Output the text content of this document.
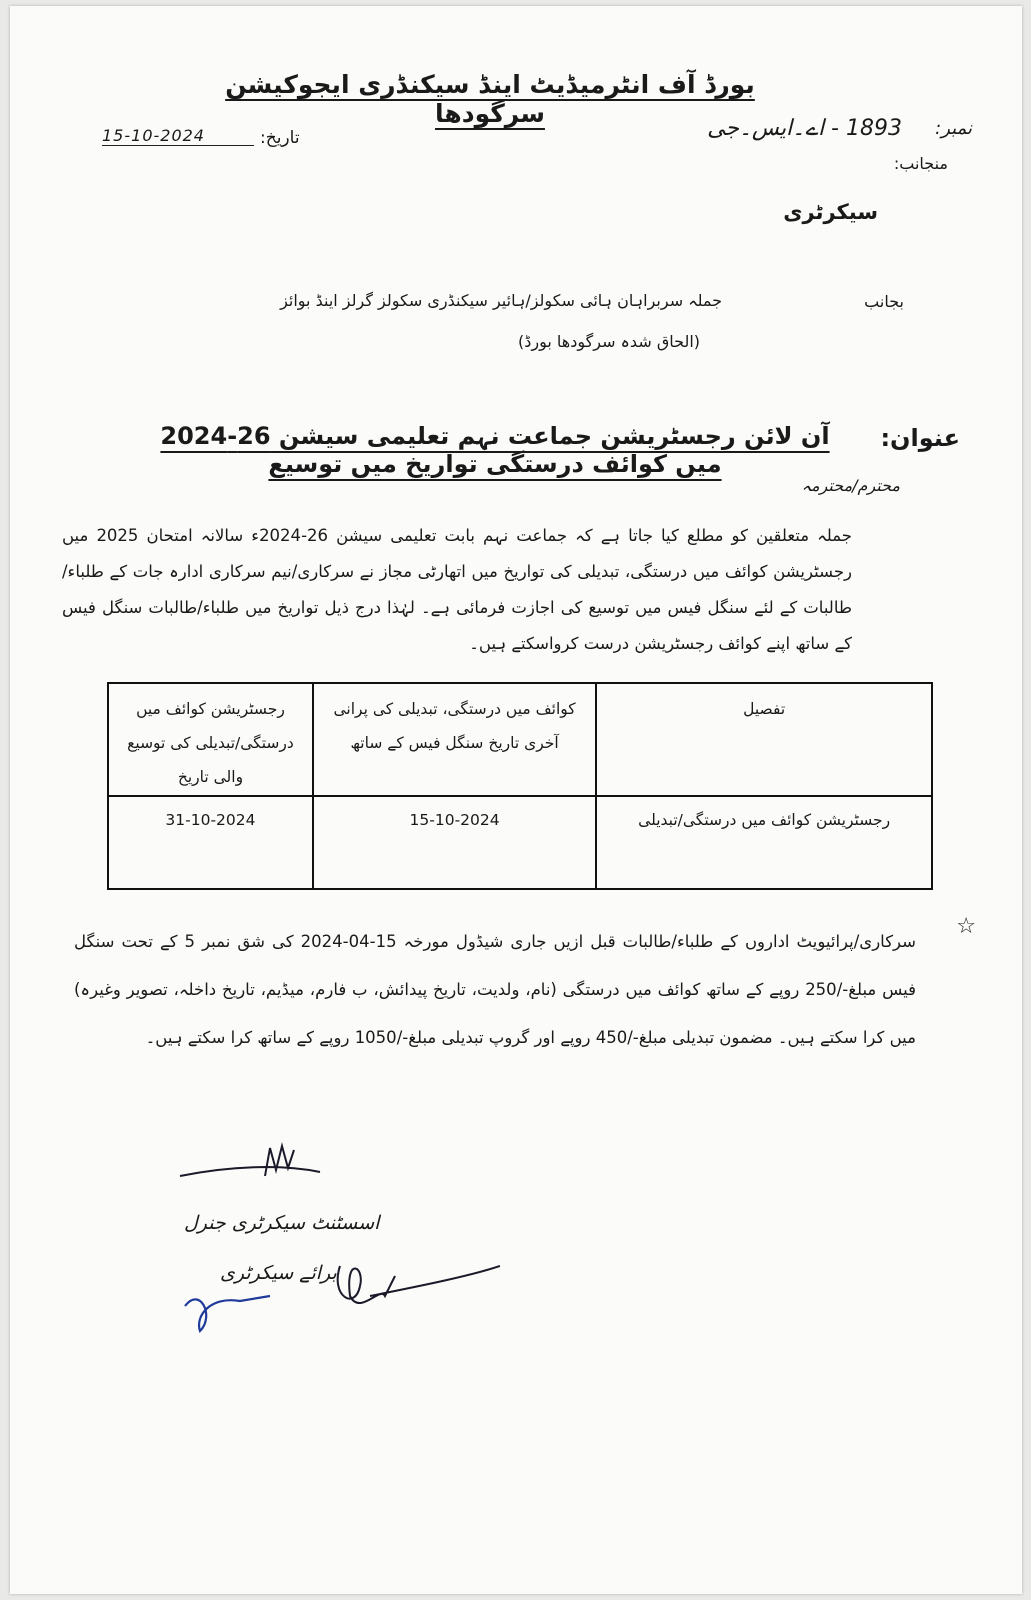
بورڈ آف انٹرمیڈیٹ اینڈ سیکنڈری ایجوکیشن سرگودھا
نمبر:
1893 - اے۔ایس۔جی
تاریخ:
15-10-2024
منجانب:
سیکرٹری
بجانب
جملہ سربراہان ہائی سکولز/ہائیر سیکنڈری سکولز گرلز اینڈ بوائز
(الحاق شدہ سرگودھا بورڈ)
عنوان:
آن لائن رجسٹریشن جماعت نہم تعلیمی سیشن 26-2024 میں کوائف درستگی تواریخ میں توسیع
محترم/محترمہ
جملہ متعلقین کو مطلع کیا جاتا ہے کہ جماعت نہم بابت تعلیمی سیشن 26-2024ء سالانہ امتحان 2025 میں رجسٹریشن کوائف میں درستگی، تبدیلی کی تواریخ میں اتھارٹی مجاز نے سرکاری/نیم سرکاری ادارہ جات کے طلباء/طالبات کے لئے سنگل فیس میں توسیع کی اجازت فرمائی ہے۔ لہٰذا درج ذیل تواریخ میں طلباء/طالبات سنگل فیس کے ساتھ اپنے کوائف رجسٹریشن درست کرواسکتے ہیں۔
تفصیل	کوائف میں درستگی، تبدیلی کی پرانی آخری تاریخ سنگل فیس کے ساتھ	رجسٹریشن کوائف میں درستگی/تبدیلی کی توسیع والی تاریخ
رجسٹریشن کوائف میں درستگی/تبدیلی	15-10-2024	31-10-2024
☆
سرکاری/پرائیویٹ اداروں کے طلباء/طالبات قبل ازیں جاری شیڈول مورخہ 15-04-2024 کی شق نمبر 5 کے تحت سنگل فیس مبلغ-/250 روپے کے ساتھ کوائف میں درستگی (نام، ولدیت، تاریخ پیدائش، ب فارم، میڈیم، تاریخ داخلہ، تصویر وغیرہ) میں کرا سکتے ہیں۔ مضمون تبدیلی مبلغ-/450 روپے اور گروپ تبدیلی مبلغ-/1050 روپے کے ساتھ کرا سکتے ہیں۔
اسسٹنٹ سیکرٹری جنرل
برائے سیکرٹری
